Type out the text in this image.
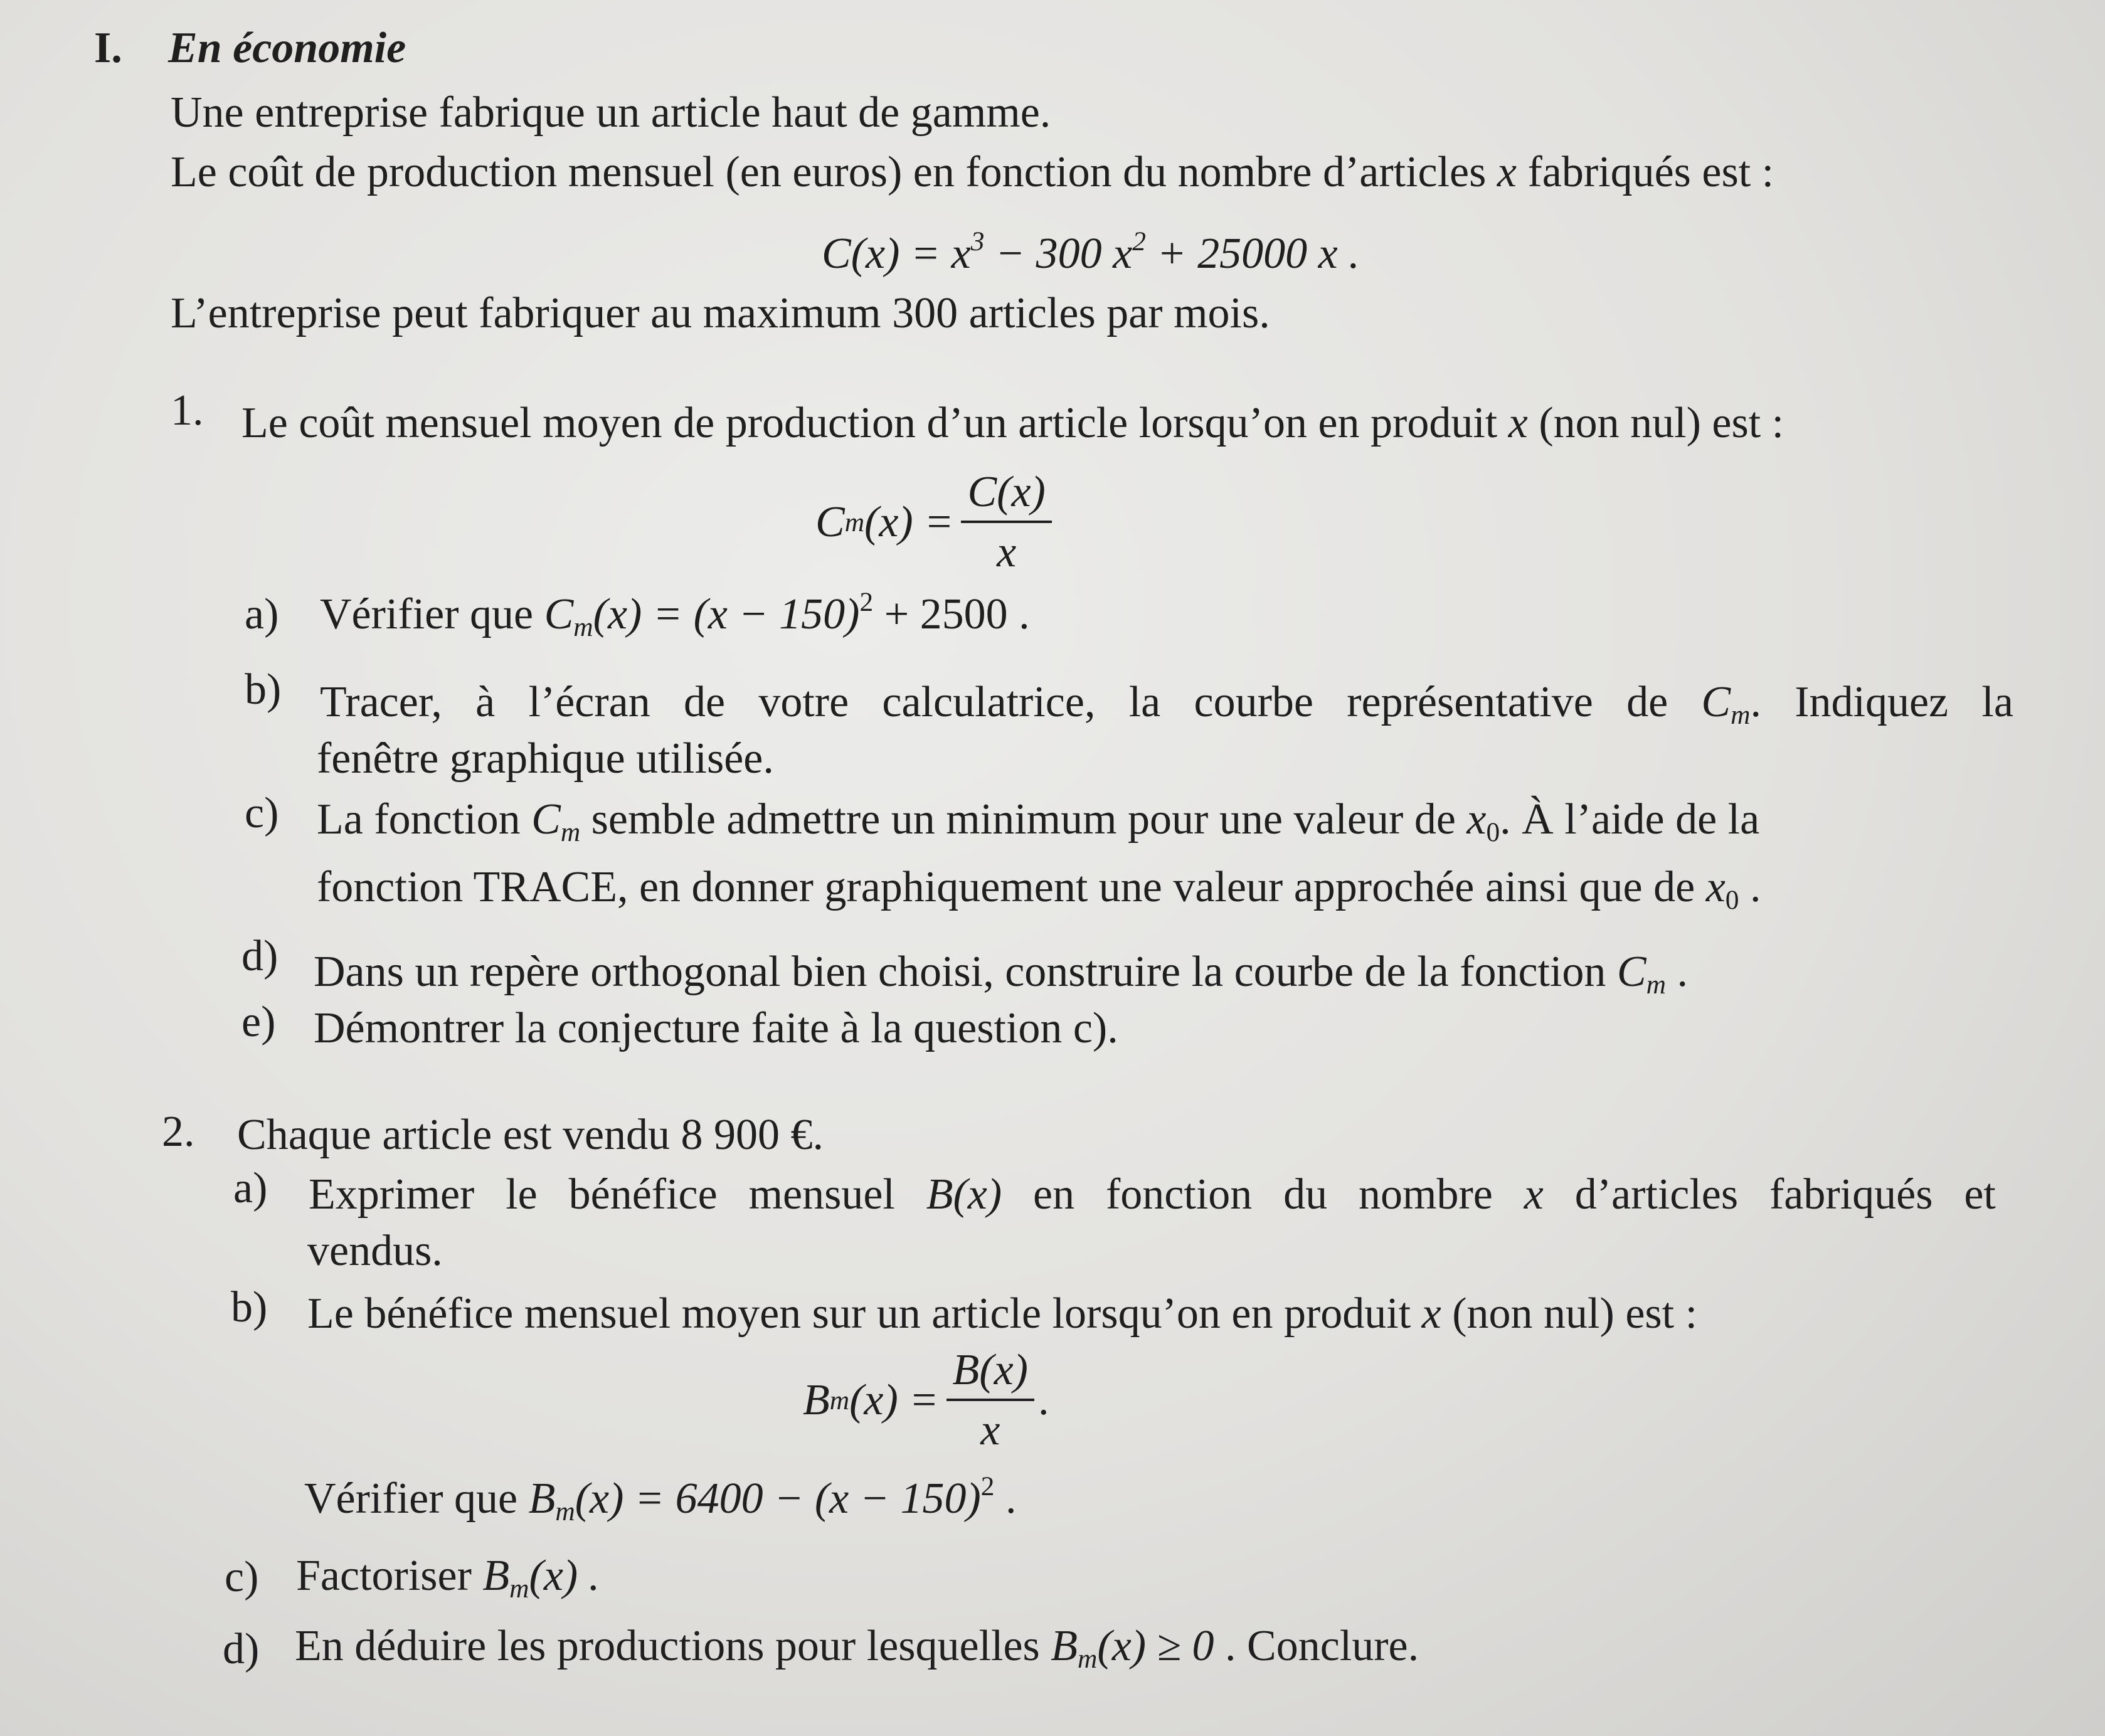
I. En économie
Une entreprise fabrique un article haut de gamme.
Le coût de production mensuel (en euros) en fonction du nombre d’articles x fabriqués est :
$C(x) = x^3 - 300$ $x^2 + 25000$ x .
L’entreprise peut fabriquer au maximum 300 articles par mois.
1. Le coût mensuel moyen de production d’un article lorsqu’on en produit x (non nul) est :
C m (x) =
C(x)
x
a) Vérifier que $C_m(x) = (x - 150)^2 + 2500$ .
b) Tracer, à l’écran de votre calculatrice, la courbe représentative de $C_m$. Indiquez la
fenêtre graphique utilisée.
c) La fonction $C_m$ semble admettre un minimum pour une valeur de $x_0$. À l’aide de la
fonction TRACE, en donner graphiquement une valeur approchée ainsi que de $x_0$ .
d) Dans un repère orthogonal bien choisi, construire la courbe de la fonction $C_m$ .
e) Démontrer la conjecture faite à la question c).
2. Chaque article est vendu 8 900 €.
a) Exprimer le bénéfice mensuel B(x) en fonction du nombre x d’articles fabriqués et
vendus.
b) Le bénéfice mensuel moyen sur un article lorsqu’on en produit x (non nul) est :
B m (x) =
B(x)
x
.
Vérifier que $B_m(x) = 6400 - (x - 150)^2$ .
c) Factoriser $B_m(x)$ .
d) En déduire les productions pour lesquelles $B_m(x) \ge 0$ . Conclure.
